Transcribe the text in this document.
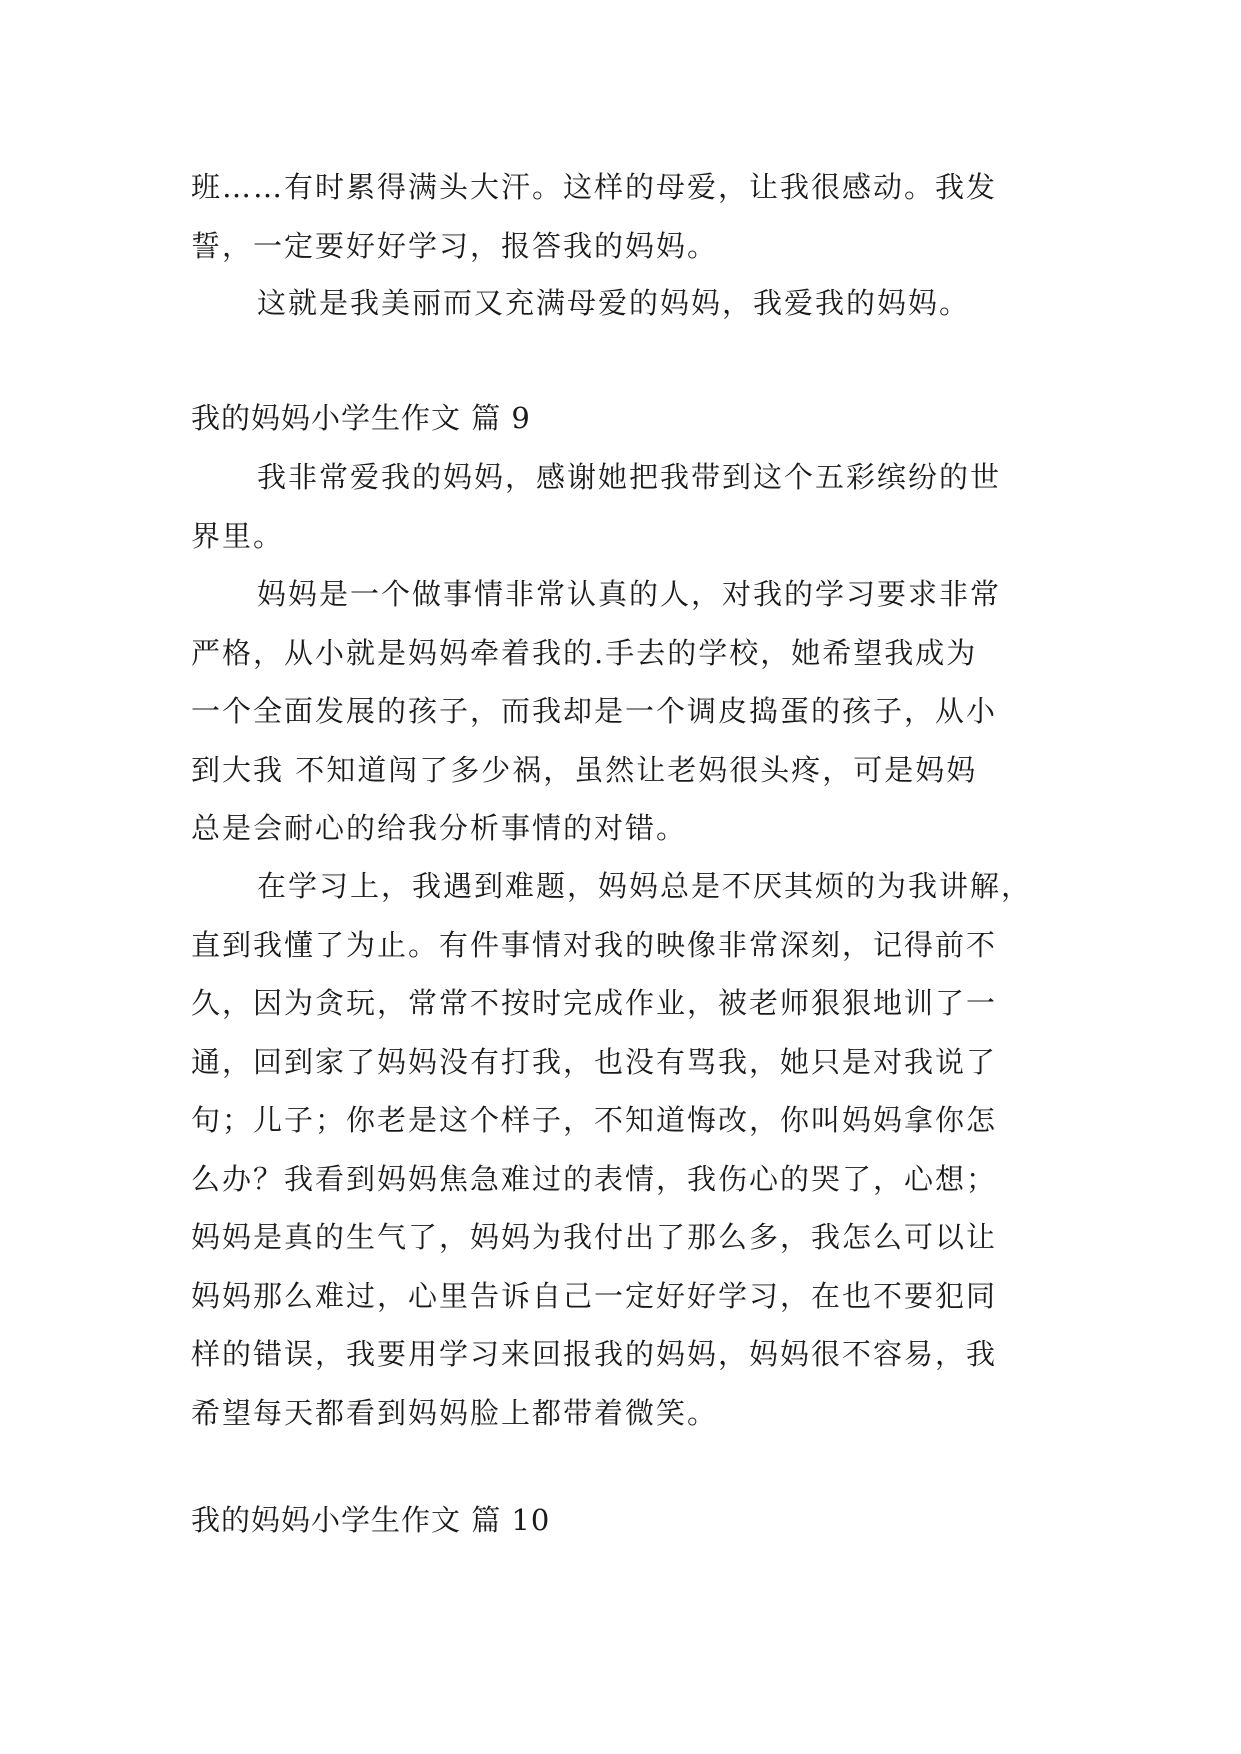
班……有时累得满头大汗。这样的母爱，让我很感动。我发
誓，一定要好好学习，报答我的妈妈。
这就是我美丽而又充满母爱的妈妈，我爱我的妈妈。
我的妈妈小学生作文 篇 9
我非常爱我的妈妈，感谢她把我带到这个五彩缤纷的世
界里。
妈妈是一个做事情非常认真的人，对我的学习要求非常
严格，从小就是妈妈牵着我的.手去的学校，她希望我成为
一个全面发展的孩子，而我却是一个调皮捣蛋的孩子，从小
到大我 不知道闯了多少祸，虽然让老妈很头疼，可是妈妈
总是会耐心的给我分析事情的对错。
在学习上，我遇到难题，妈妈总是不厌其烦的为我讲解，
直到我懂了为止。有件事情对我的映像非常深刻，记得前不
久，因为贪玩，常常不按时完成作业，被老师狠狠地训了一
通，回到家了妈妈没有打我，也没有骂我，她只是对我说了
句；儿子；你老是这个样子，不知道悔改，你叫妈妈拿你怎
么办？我看到妈妈焦急难过的表情，我伤心的哭了，心想；
妈妈是真的生气了，妈妈为我付出了那么多，我怎么可以让
妈妈那么难过，心里告诉自己一定好好学习，在也不要犯同
样的错误，我要用学习来回报我的妈妈，妈妈很不容易，我
希望每天都看到妈妈脸上都带着微笑。
我的妈妈小学生作文 篇 10
